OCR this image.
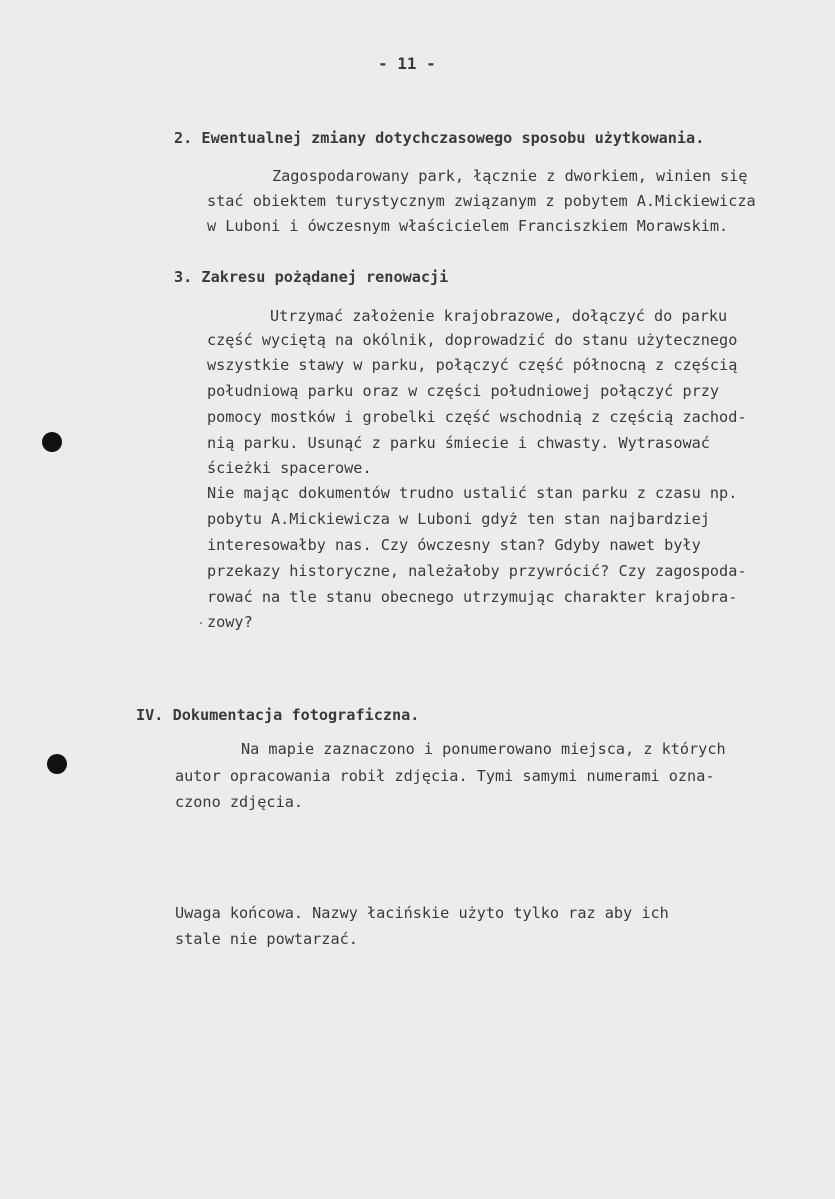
- 11 -
2. Ewentualnej zmiany dotychczasowego sposobu użytkowania.
Zagospodarowany park, łącznie z dworkiem, winien się
stać obiektem turystycznym związanym z pobytem A.Mickiewicza
w Luboni i ówczesnym właścicielem Franciszkiem Morawskim.
3. Zakresu pożądanej renowacji
Utrzymać założenie krajobrazowe, dołączyć do parku
część wyciętą na okólnik, doprowadzić do stanu użytecznego
wszystkie stawy w parku, połączyć część północną z częścią
południową parku oraz w części południowej połączyć przy
pomocy mostków i grobelki część wschodnią z częścią zachod-
nią parku. Usunąć z parku śmiecie i chwasty. Wytrasować
ścieżki spacerowe.
Nie mając dokumentów trudno ustalić stan parku z czasu np.
pobytu A.Mickiewicza w Luboni gdyż ten stan najbardziej
interesowałby nas. Czy ówczesny stan? Gdyby nawet były
przekazy historyczne, należałoby przywrócić? Czy zagospoda-
rować na tle stanu obecnego utrzymując charakter krajobra-
zowy?
IV. Dokumentacja fotograficzna.
Na mapie zaznaczono i ponumerowano miejsca, z których
autor opracowania robił zdjęcia. Tymi samymi numerami ozna-
czono zdjęcia.
Uwaga końcowa. Nazwy łacińskie użyto tylko raz aby ich
stale nie powtarzać.
